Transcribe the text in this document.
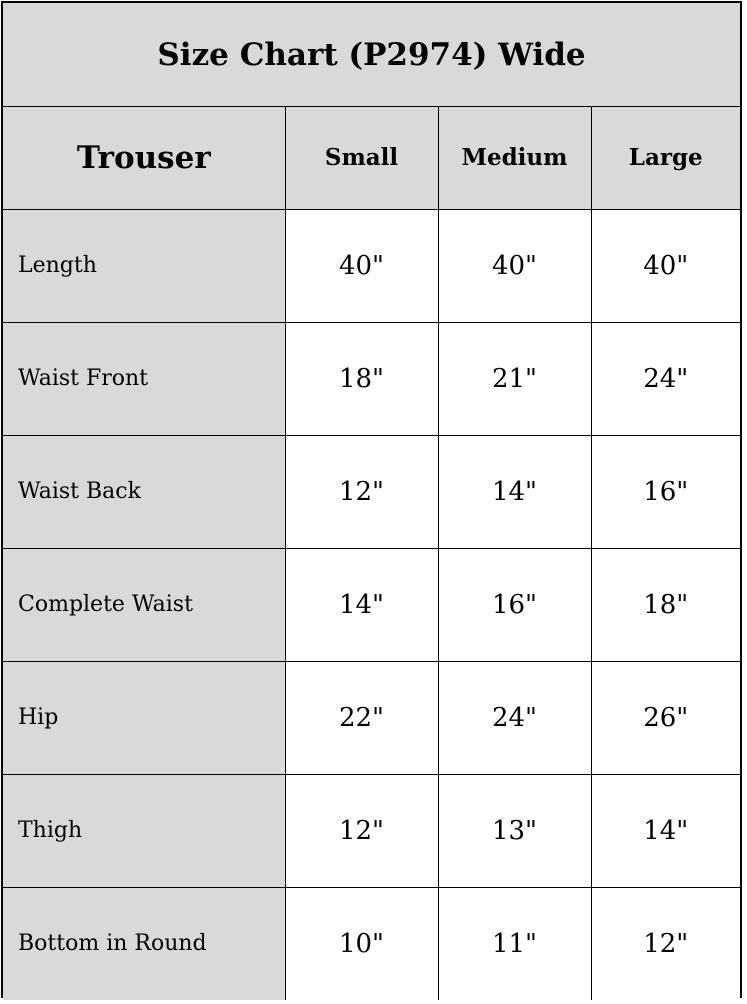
Size Chart (P2974) Wide
Trouser	Small	Medium	Large
Length	40"	40"	40"
Waist Front	18"	21"	24"
Waist Back	12"	14"	16"
Complete Waist	14"	16"	18"
Hip	22"	24"	26"
Thigh	12"	13"	14"
Bottom in Round	10"	11"	12"
